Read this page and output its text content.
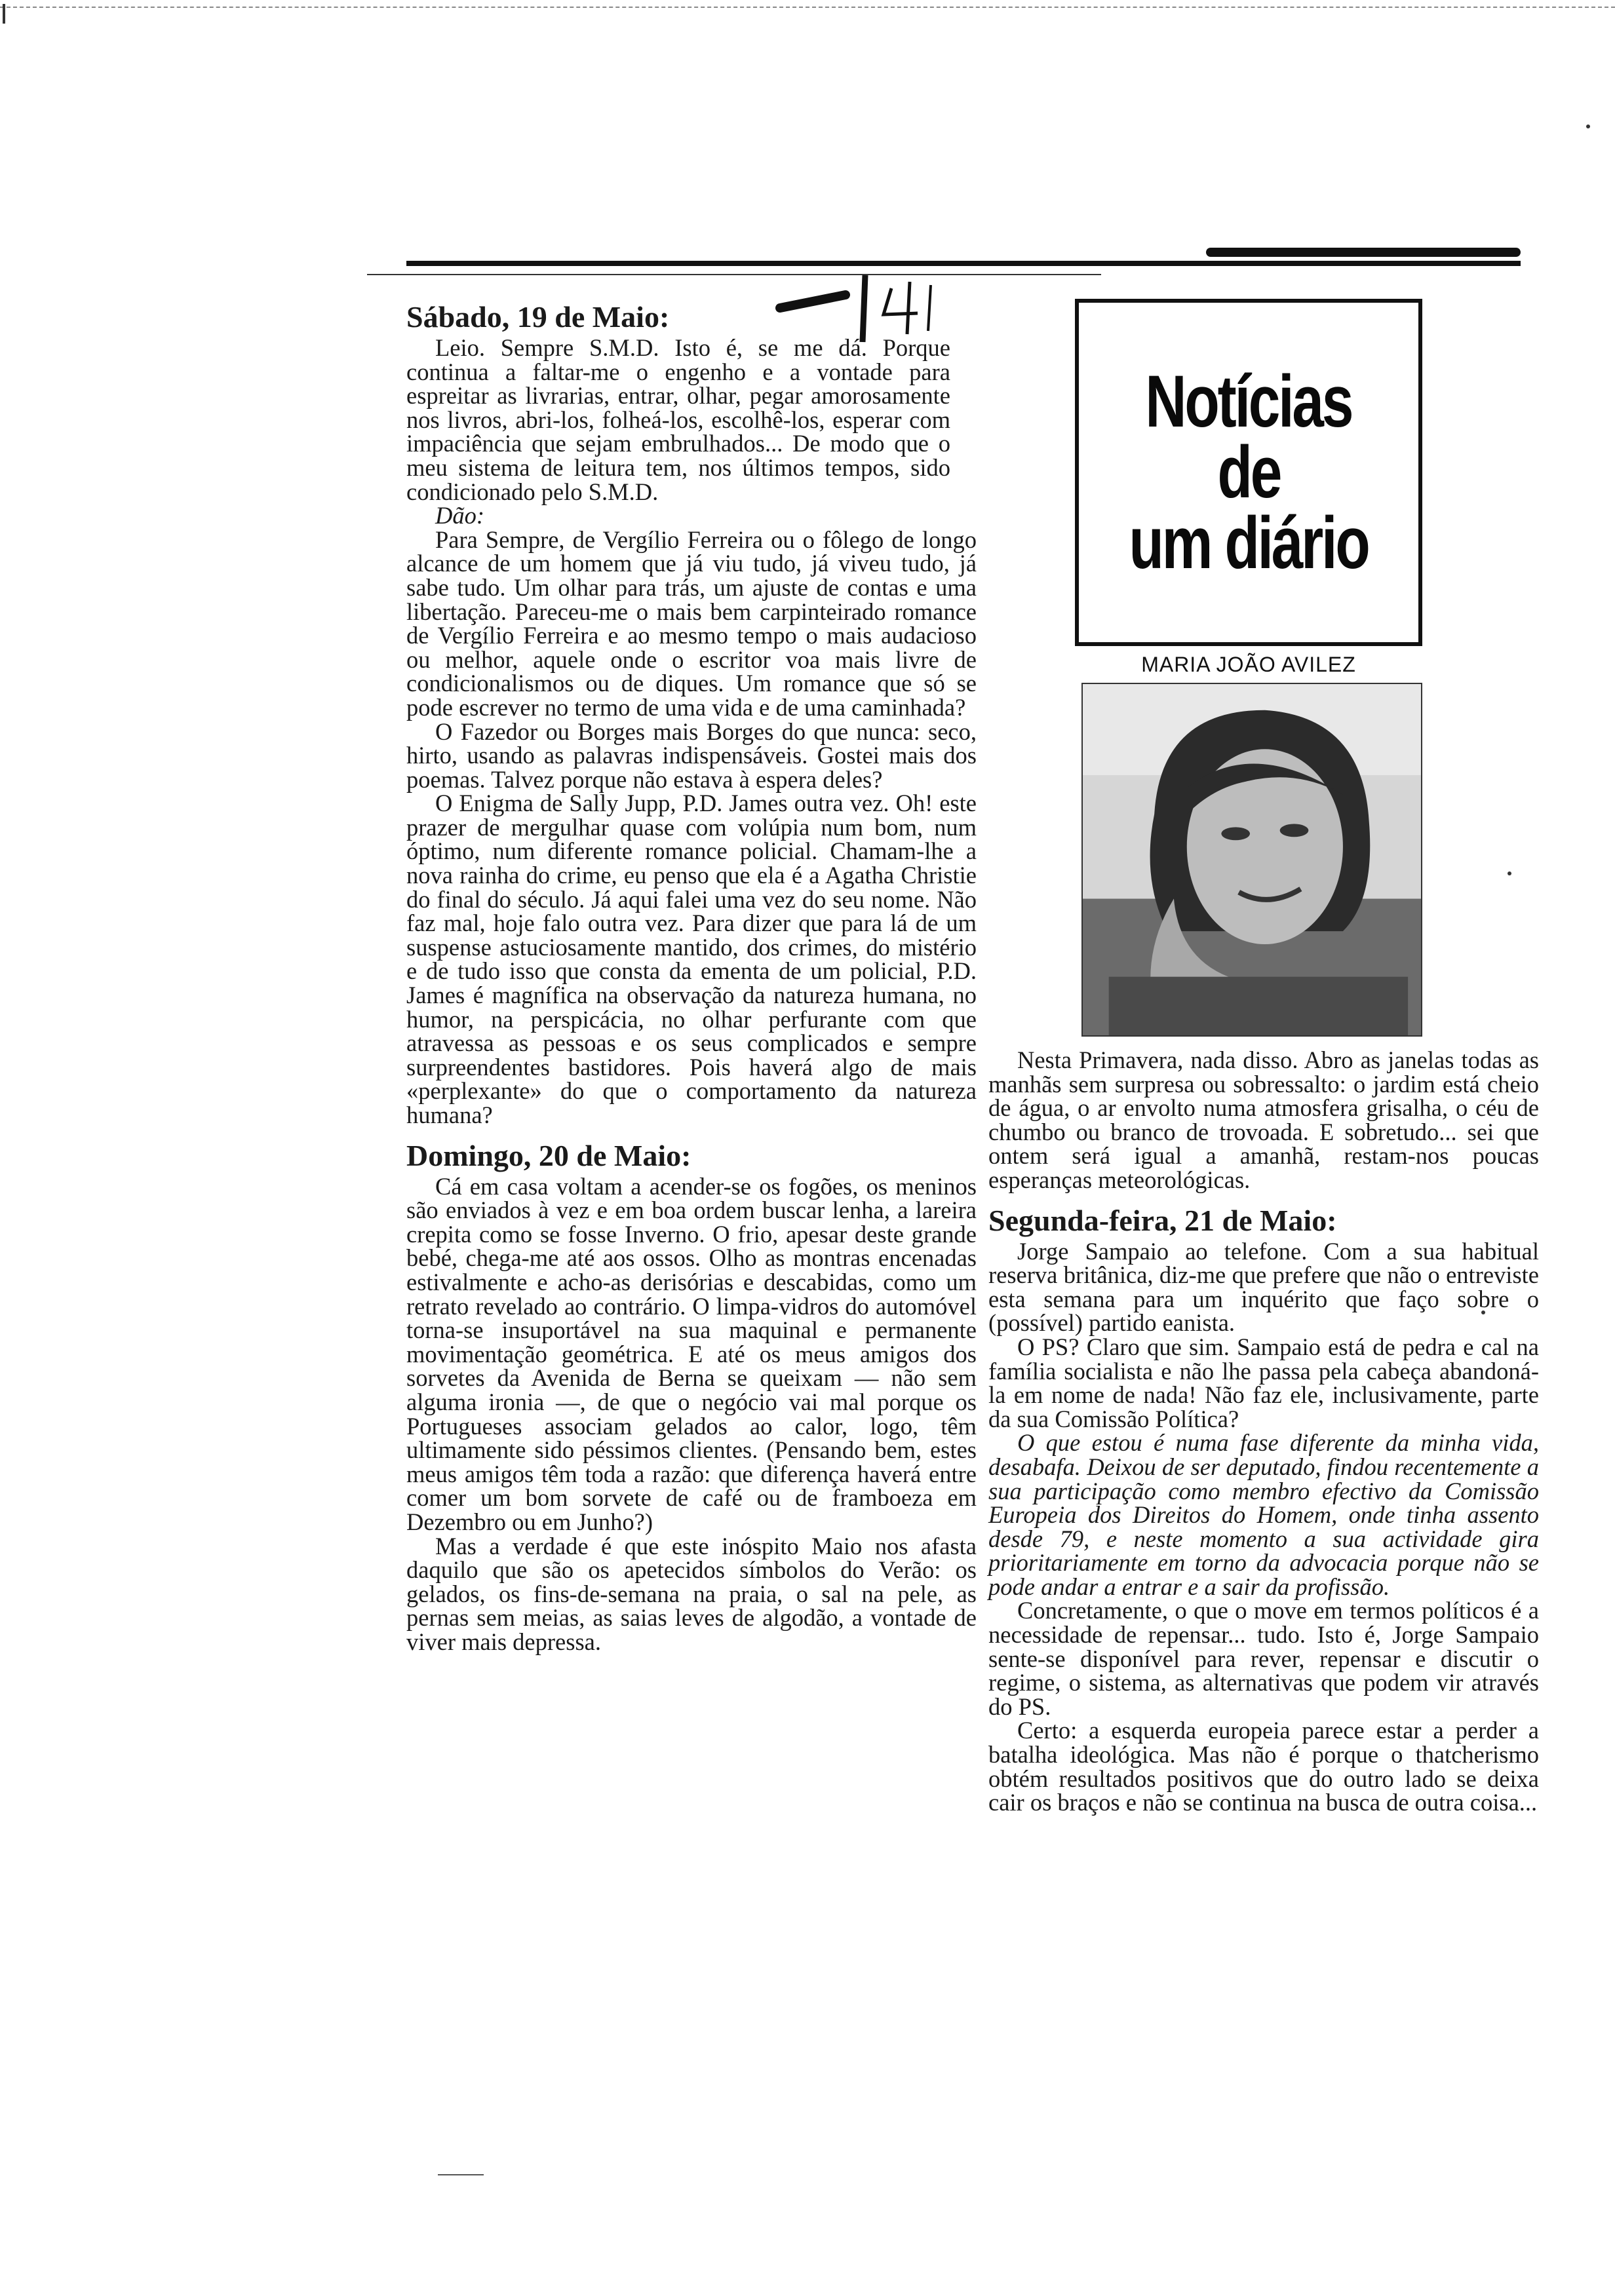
14
Notícias
de
um diário
MARIA JOÃO AVILEZ
Sábado, 19 de Maio:

Leio. Sempre S.M.D. Isto é, se me dá. Porque continua a faltar-me o engenho e a vontade para espreitar as livrarias, entrar, olhar, pegar amorosamente nos livros, abri-los, folheá-los, escolhê-los, esperar com impaciência que sejam embrulhados... De modo que o meu sistema de leitura tem, nos últimos tempos, sido condicionado pelo S.M.D.

Dão:

Para Sempre, de Vergílio Ferreira ou o fôlego de longo alcance de um homem que já viu tudo, já viveu tudo, já sabe tudo. Um olhar para trás, um ajuste de contas e uma libertação. Pareceu-me o mais bem carpinteirado romance de Vergílio Ferreira e ao mesmo tempo o mais audacioso ou melhor, aquele onde o escritor voa mais livre de condicionalismos ou de diques. Um romance que só se pode escrever no termo de uma vida e de uma caminhada?

O Fazedor ou Borges mais Borges do que nunca: seco, hirto, usando as palavras indispensáveis. Gostei mais dos poemas. Talvez porque não estava à espera deles?

O Enigma de Sally Jupp, P.D. James outra vez. Oh! este prazer de mergulhar quase com volúpia num bom, num óptimo, num diferente romance policial. Chamam-lhe a nova rainha do crime, eu penso que ela é a Agatha Christie do final do século. Já aqui falei uma vez do seu nome. Não faz mal, hoje falo outra vez. Para dizer que para lá de um suspense astuciosamente mantido, dos crimes, do mistério e de tudo isso que consta da ementa de um policial, P.D. James é magnífica na observação da natureza humana, no humor, na perspicácia, no olhar perfurante com que atravessa as pessoas e os seus complicados e sempre surpreendentes bastidores. Pois haverá algo de mais «perplexante» do que o comportamento da natureza humana?

Domingo, 20 de Maio:

Cá em casa voltam a acender-se os fogões, os meninos são enviados à vez e em boa ordem buscar lenha, a lareira crepita como se fosse Inverno. O frio, apesar deste grande bebé, chega-me até aos ossos. Olho as montras encenadas estivalmente e acho-as derisórias e descabidas, como um retrato revelado ao contrário. O limpa-vidros do automóvel torna-se insuportável na sua maquinal e permanente movimentação geométrica. E até os meus amigos dos sorvetes da Avenida de Berna se queixam — não sem alguma ironia —, de que o negócio vai mal porque os Portugueses associam gelados ao calor, logo, têm ultimamente sido péssimos clientes. (Pensando bem, estes meus amigos têm toda a razão: que diferença haverá entre comer um bom sorvete de café ou de framboeza em Dezembro ou em Junho?)

Mas a verdade é que este inóspito Maio nos afasta daquilo que são os apetecidos símbolos do Verão: os gelados, os fins-de-semana na praia, o sal na pele, as pernas sem meias, as saias leves de algodão, a vontade de viver mais depressa.

Nesta Primavera, nada disso. Abro as janelas todas as manhãs sem surpresa ou sobressalto: o jardim está cheio de água, o ar envolto numa atmosfera grisalha, o céu de chumbo ou branco de trovoada. E sobretudo... sei que ontem será igual a amanhã, restam-nos poucas esperanças meteorológicas.

Segunda-feira, 21 de Maio:

Jorge Sampaio ao telefone. Com a sua habitual reserva britânica, diz-me que prefere que não o entreviste esta semana para um inquérito que faço sobre o (possível) partido eanista.

O PS? Claro que sim. Sampaio está de pedra e cal na família socialista e não lhe passa pela cabeça abandoná-la em nome de nada! Não faz ele, inclusivamente, parte da sua Comissão Política?

O que estou é numa fase diferente da minha vida, desabafa. Deixou de ser deputado, findou recentemente a sua participação como membro efectivo da Comissão Europeia dos Direitos do Homem, onde tinha assento desde 79, e neste momento a sua actividade gira prioritariamente em torno da advocacia porque não se pode andar a entrar e a sair da profissão.

Concretamente, o que o move em termos políticos é a necessidade de repensar... tudo. Isto é, Jorge Sampaio sente-se disponível para rever, repensar e discutir o regime, o sistema, as alternativas que podem vir através do PS.

Certo: a esquerda europeia parece estar a perder a batalha ideológica. Mas não é porque o thatcherismo obtém resultados positivos que do outro lado se deixa cair os braços e não se continua na busca de outra coisa...
